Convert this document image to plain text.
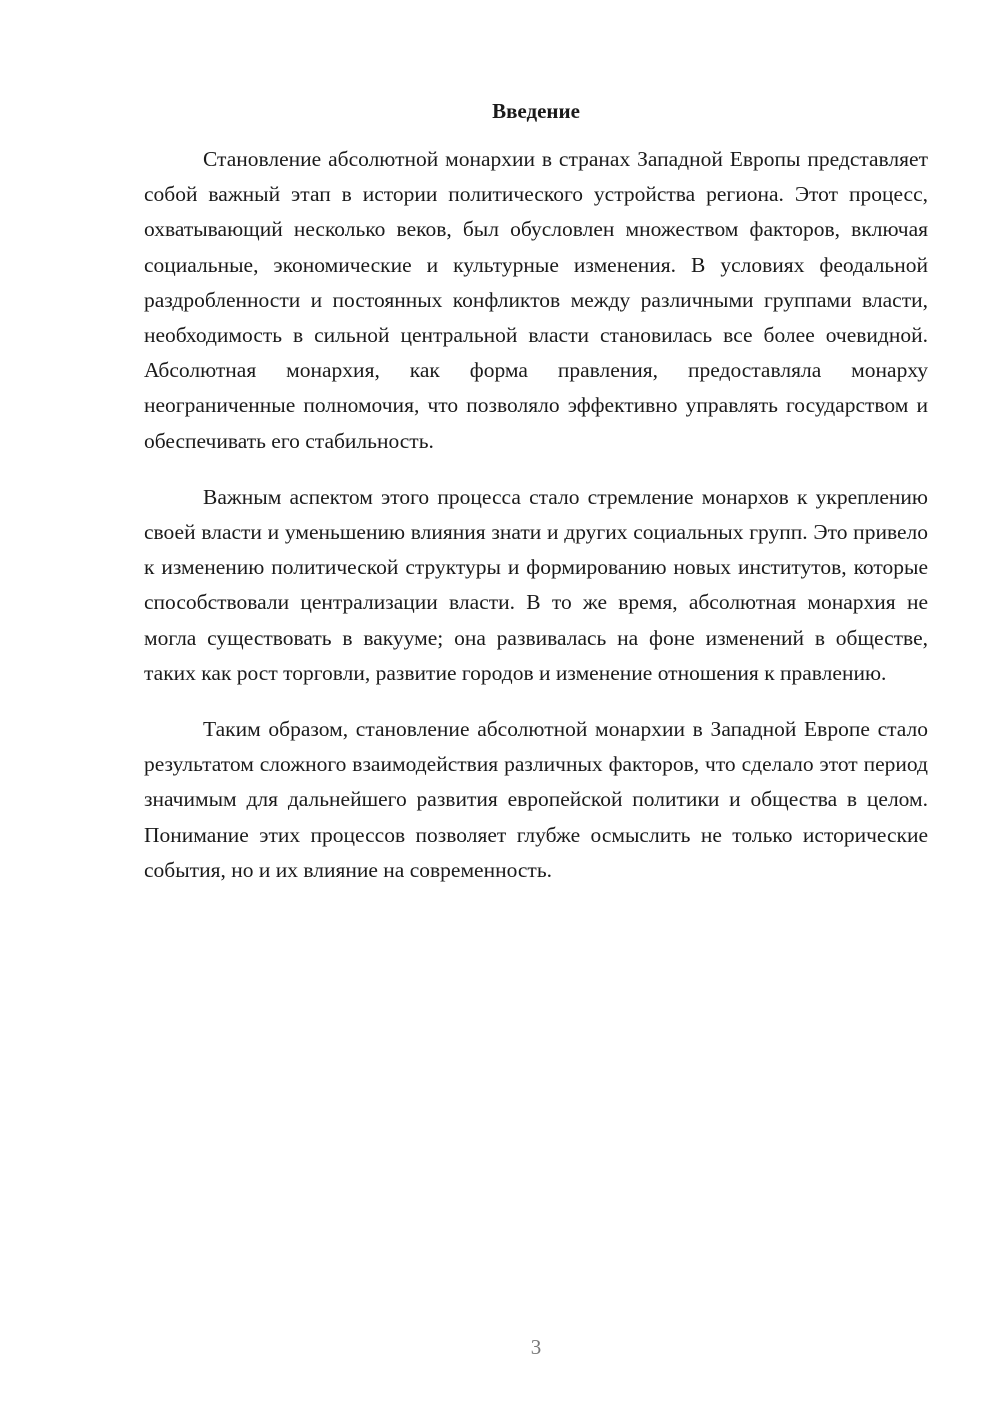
Введение

Становление абсолютной монархии в странах Западной Европы представляет собой важный этап в истории политического устройства региона. Этот процесс, охватывающий несколько веков, был обусловлен множеством факторов, включая социальные, экономические и культурные изменения. В условиях феодальной раздробленности и постоянных конфликтов между различными группами власти, необходимость в сильной центральной власти становилась все более очевидной. Абсолютная монархия, как форма правления, предоставляла монарху неограниченные полномочия, что позволяло эффективно управлять государством и обеспечивать его стабильность.

Важным аспектом этого процесса стало стремление монархов к укреплению своей власти и уменьшению влияния знати и других социальных групп. Это привело к изменению политической структуры и формированию новых институтов, которые способствовали централизации власти. В то же время, абсолютная монархия не могла существовать в вакууме; она развивалась на фоне изменений в обществе, таких как рост торговли, развитие городов и изменение отношения к правлению.

Таким образом, становление абсолютной монархии в Западной Европе стало результатом сложного взаимодействия различных факторов, что сделало этот период значимым для дальнейшего развития европейской политики и общества в целом. Понимание этих процессов позволяет глубже осмыслить не только исторические события, но и их влияние на современность.

3
